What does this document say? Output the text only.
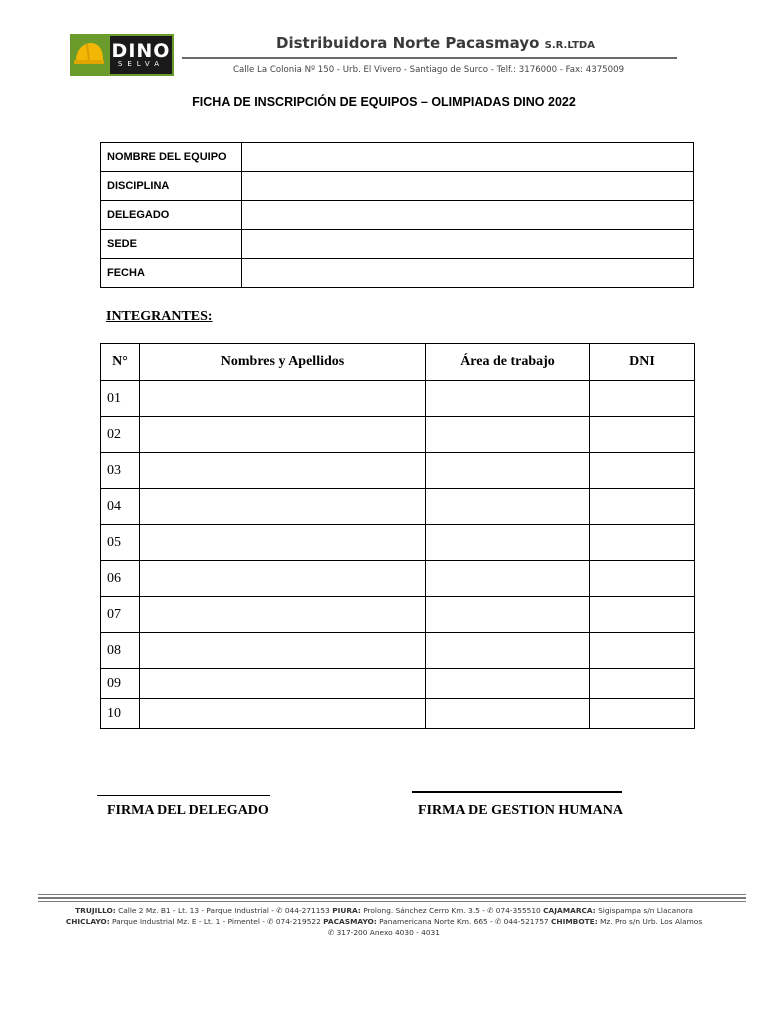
DINO
SELVA
Distribuidora Norte Pacasmayo S.R.LTDA
Calle La Colonia Nº 150 - Urb. El Vivero - Santiago de Surco - Telf.: 3176000 - Fax: 4375009
FICHA DE INSCRIPCIÓN DE EQUIPOS – OLIMPIADAS DINO 2022
NOMBRE DEL EQUIPO	
DISCIPLINA	
DELEGADO	
SEDE	
FECHA	
INTEGRANTES:
N°	Nombres y Apellidos	Área de trabajo	DNI
01			
02			
03			
04			
05			
06			
07			
08			
09			
10			
FIRMA DEL DELEGADO	FIRMA DE GESTION HUMANA
TRUJILLO: Calle 2 Mz. B1 - Lt. 13 - Parque Industrial - ✆ 044-271153 PIURA: Prolong. Sánchez Cerro Km. 3.5 - ✆ 074-355510 CAJAMARCA: Sigispampa s/n Llacanora
CHICLAYO: Parque Industrial Mz. E - Lt. 1 - Pimentel - ✆ 074-219522 PACASMAYO: Panamericana Norte Km. 665 - ✆ 044-521757 CHIMBOTE: Mz. Pro s/n Urb. Los Alamos
✆ 317-200 Anexo 4030 - 4031
